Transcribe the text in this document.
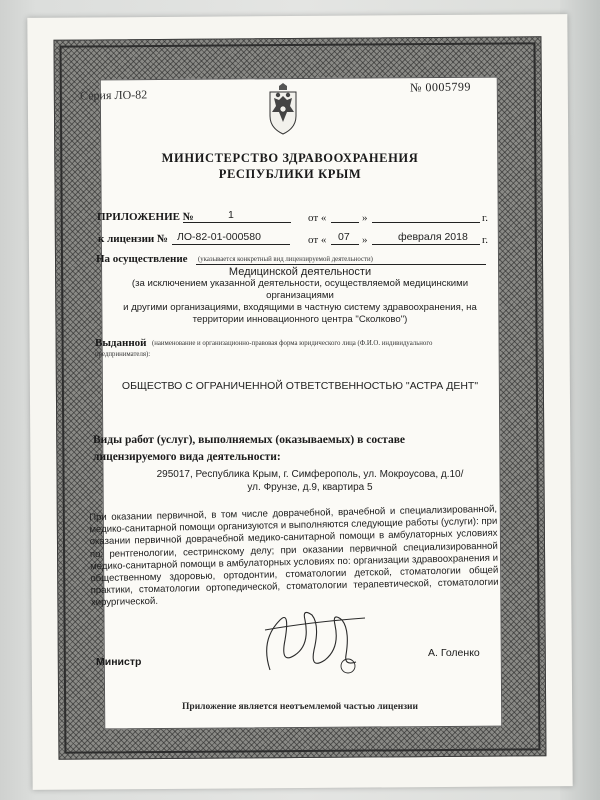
Серия ЛО-82
№ 0005799
МИНИСТЕРСТВО ЗДРАВООХРАНЕНИЯ
РЕСПУБЛИКИ КРЫМ
ПРИЛОЖЕНИЕ №	1	от «	»	г.
к лицензии № ЛО-82-01-000580	от « 07 »	февраля 2018 г.
На осуществление (указывается конкретный вид лицензируемой деятельности)
Медицинской деятельности
(за исключением указанной деятельности, осуществляемой медицинскими организациями
и другими организациями, входящими в частную систему здравоохранения, на
территории инновационного центра "Сколково")
Выданной (наименование и организационно-правовая форма юридического лица (Ф.И.О. индивидуального
предпринимателя):
ОБЩЕСТВО С ОГРАНИЧЕННОЙ ОТВЕТСТВЕННОСТЬЮ "АСТРА ДЕНТ"
Виды работ (услуг), выполняемых (оказываемых) в составе
лицензируемого вида деятельности:
295017, Республика Крым, г. Симферополь, ул. Мокроусова, д.10/
ул. Фрунзе, д.9, квартира 5
При оказании первичной, в том числе доврачебной, врачебной и специализированной, медико-санитарной помощи организуются и выполняются следующие работы (услуги): при оказании первичной доврачебной медико-санитарной помощи в амбулаторных условиях по: рентгенологии, сестринскому делу; при оказании первичной специализированной медико-санитарной помощи в амбулаторных условиях по: организации здравоохранения и общественному здоровью, ортодонтии, стоматологии детской, стоматологии общей практики, стоматологии ортопедической, стоматологии терапевтической, стоматологии хирургической.
Министр
А. Голенко
Приложение является неотъемлемой частью лицензии
